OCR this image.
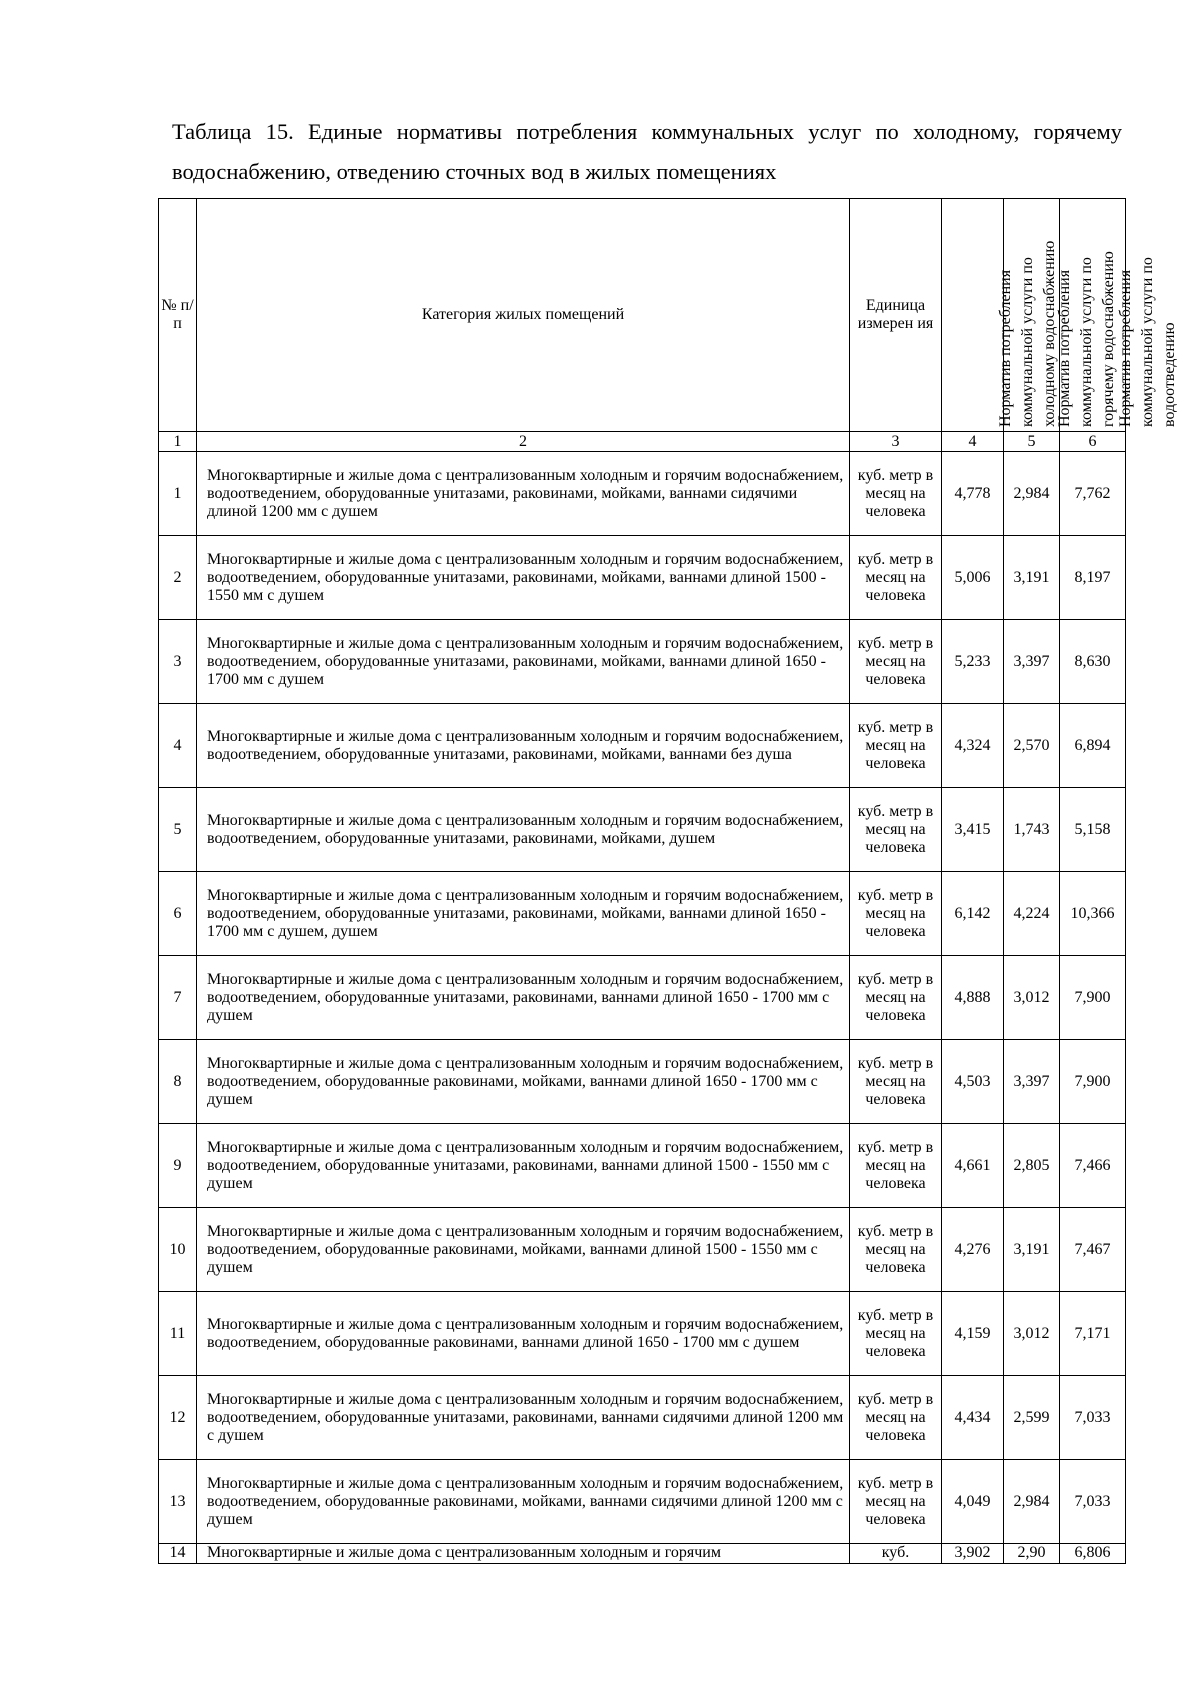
Таблица 15. Единые нормативы потребления коммунальных услуг по холодному, горячему водоснабжению, отведению сточных вод в жилых помещениях
№ п/ п	Категория жилых помещений	Единица измерен ия	Норматив потребления коммунальной услуги по холодному водоснабжению	Норматив потребления коммунальной услуги по горячему водоснабжению	Норматив потребления коммунальной услуги по водоотведению

1	2	3	4	5	6
1	Многоквартирные и жилые дома с централизованным холодным и горячим водоснабжением, водоотведением, оборудованные унитазами, раковинами, мойками, ваннами сидячими длиной 1200 мм с душем	куб. метр в месяц на человека	4,778	2,984	7,762
2	Многоквартирные и жилые дома с централизованным холодным и горячим водоснабжением, водоотведением, оборудованные унитазами, раковинами, мойками, ваннами длиной 1500 - 1550 мм с душем	куб. метр в месяц на человека	5,006	3,191	8,197
3	Многоквартирные и жилые дома с централизованным холодным и горячим водоснабжением, водоотведением, оборудованные унитазами, раковинами, мойками, ваннами длиной 1650 - 1700 мм с душем	куб. метр в месяц на человека	5,233	3,397	8,630
4	Многоквартирные и жилые дома с централизованным холодным и горячим водоснабжением, водоотведением, оборудованные унитазами, раковинами, мойками, ваннами без душа	куб. метр в месяц на человека	4,324	2,570	6,894
5	Многоквартирные и жилые дома с централизованным холодным и горячим водоснабжением, водоотведением, оборудованные унитазами, раковинами, мойками, душем	куб. метр в месяц на человека	3,415	1,743	5,158
6	Многоквартирные и жилые дома с централизованным холодным и горячим водоснабжением, водоотведением, оборудованные унитазами, раковинами, мойками, ваннами длиной 1650 - 1700 мм с душем, душем	куб. метр в месяц на человека	6,142	4,224	10,366
7	Многоквартирные и жилые дома с централизованным холодным и горячим водоснабжением, водоотведением, оборудованные унитазами, раковинами, ваннами длиной 1650 - 1700 мм с душем	куб. метр в месяц на человека	4,888	3,012	7,900
8	Многоквартирные и жилые дома с централизованным холодным и горячим водоснабжением, водоотведением, оборудованные раковинами, мойками, ваннами длиной 1650 - 1700 мм с душем	куб. метр в месяц на человека	4,503	3,397	7,900
9	Многоквартирные и жилые дома с централизованным холодным и горячим водоснабжением, водоотведением, оборудованные унитазами, раковинами, ваннами длиной 1500 - 1550 мм с душем	куб. метр в месяц на человека	4,661	2,805	7,466
10	Многоквартирные и жилые дома с централизованным холодным и горячим водоснабжением, водоотведением, оборудованные раковинами, мойками, ваннами длиной 1500 - 1550 мм с душем	куб. метр в месяц на человека	4,276	3,191	7,467
11	Многоквартирные и жилые дома с централизованным холодным и горячим водоснабжением, водоотведением, оборудованные раковинами, ваннами длиной 1650 - 1700 мм с душем	куб. метр в месяц на человека	4,159	3,012	7,171
12	Многоквартирные и жилые дома с централизованным холодным и горячим водоснабжением, водоотведением, оборудованные унитазами, раковинами, ваннами сидячими длиной 1200 мм с душем	куб. метр в месяц на человека	4,434	2,599	7,033
13	Многоквартирные и жилые дома с централизованным холодным и горячим водоснабжением, водоотведением, оборудованные раковинами, мойками, ваннами сидячими длиной 1200 мм с душем	куб. метр в месяц на человека	4,049	2,984	7,033
14	Многоквартирные и жилые дома с централизованным холодным и горячим	куб.	3,902	2,90	6,806
